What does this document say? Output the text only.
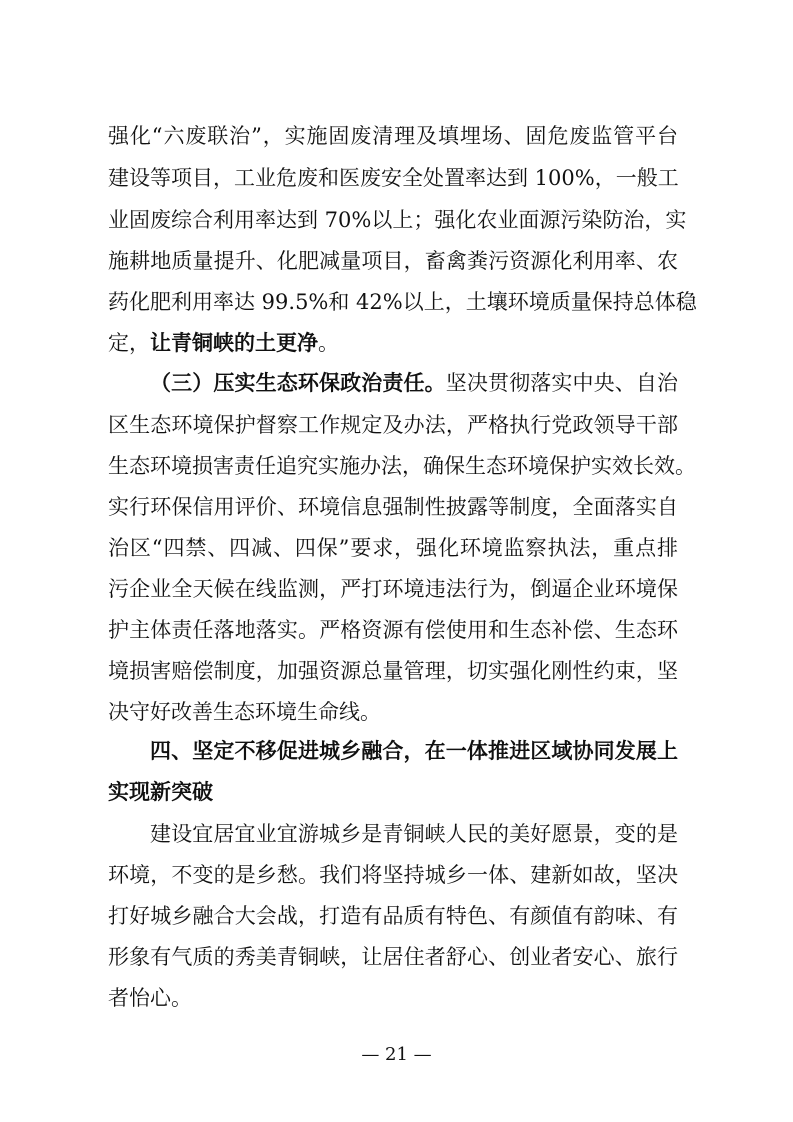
强化“六废联治”，实施固废清理及填埋场、固危废监管平台
建设等项目，工业危废和医废安全处置率达到 100%，一般工
业固废综合利用率达到 70%以上；强化农业面源污染防治，实
施耕地质量提升、化肥减量项目，畜禽粪污资源化利用率、农
药化肥利用率达 99.5%和 42%以上，土壤环境质量保持总体稳
定，让青铜峡的土更净。
（三）压实生态环保政治责任。坚决贯彻落实中央、自治
区生态环境保护督察工作规定及办法，严格执行党政领导干部
生态环境损害责任追究实施办法，确保生态环境保护实效长效。
实行环保信用评价、环境信息强制性披露等制度，全面落实自
治区“四禁、四减、四保”要求，强化环境监察执法，重点排
污企业全天候在线监测，严打环境违法行为，倒逼企业环境保
护主体责任落地落实。严格资源有偿使用和生态补偿、生态环
境损害赔偿制度，加强资源总量管理，切实强化刚性约束，坚
决守好改善生态环境生命线。
四、坚定不移促进城乡融合，在一体推进区域协同发展上
实现新突破
建设宜居宜业宜游城乡是青铜峡人民的美好愿景，变的是
环境，不变的是乡愁。我们将坚持城乡一体、建新如故，坚决
打好城乡融合大会战，打造有品质有特色、有颜值有韵味、有
形象有气质的秀美青铜峡，让居住者舒心、创业者安心、旅行
者怡心。
— 21 —
